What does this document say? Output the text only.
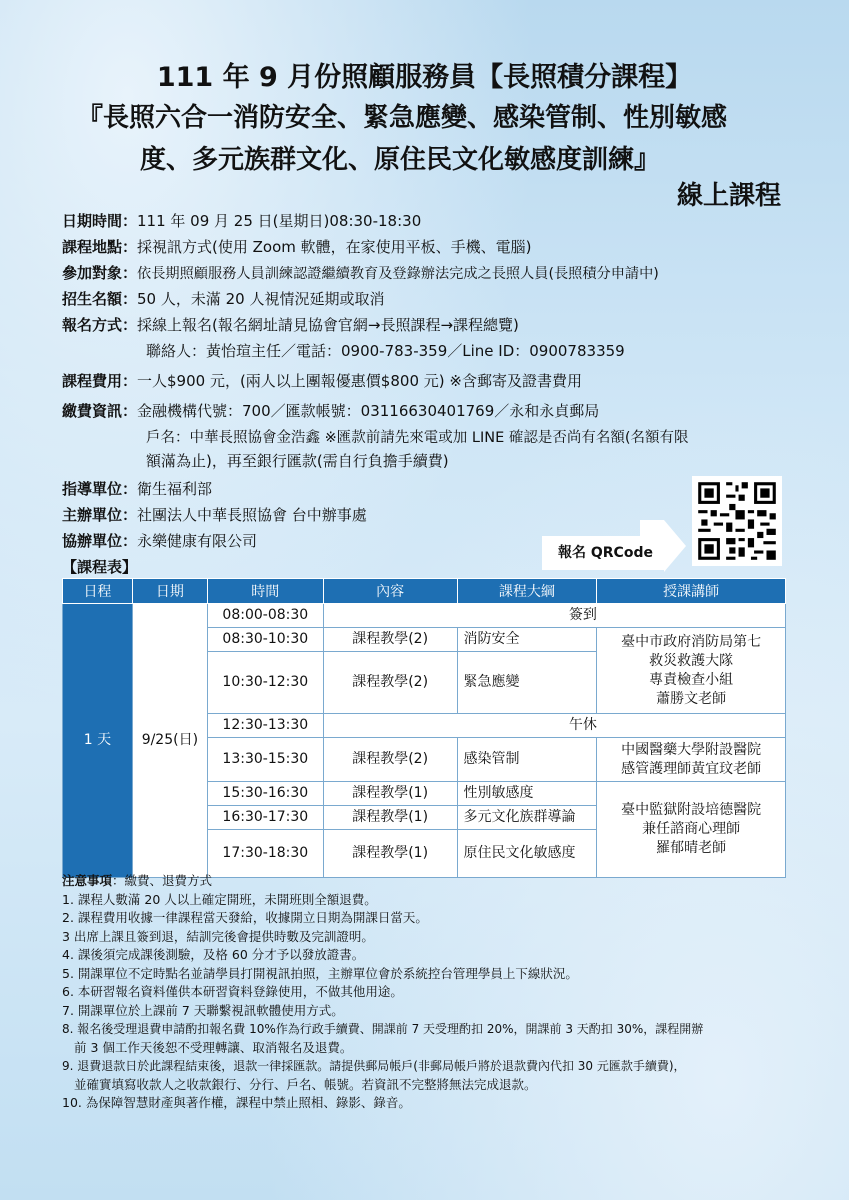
111 年 9 月份照顧服務員【長照積分課程】
『長照六合一消防安全、緊急應變、感染管制、性別敏感
度、多元族群文化、原住民文化敏感度訓練』
線上課程
日期時間：111 年 09 月 25 日(星期日)08:30-18:30
課程地點：採視訊方式(使用 Zoom 軟體，在家使用平板、手機、電腦)
參加對象：依長期照顧服務人員訓練認證繼續教育及登錄辦法完成之長照人員(長照積分申請中)
招生名額：50 人，未滿 20 人視情況延期或取消
報名方式：採線上報名(報名網址請見協會官網→長照課程→課程總覽)
聯絡人：黃怡瑄主任／電話：0900-783-359／Line ID：0900783359
課程費用：一人$900 元，(兩人以上團報優惠價$800 元) ※含郵寄及證書費用
繳費資訊：金融機構代號：700／匯款帳號：03116630401769／永和永貞郵局
戶名：中華長照協會金浩鑫 ※匯款前請先來電或加 LINE 確認是否尚有名額(名額有限
額滿為止)，再至銀行匯款(需自行負擔手續費)
指導單位：衛生福利部
主辦單位：社團法人中華長照協會 台中辦事處
協辦單位：永樂健康有限公司
報名 QRCode
【課程表】
日程	日期	時間	內容	課程大綱	授課講師
1 天	9/25(日)	08:00-08:30	簽到		
		08:30-10:30	課程教學(2)	消防安全	臺中市政府消防局第七
救災救護大隊
專責檢查小組
蕭勝文老師

		10:30-12:30	課程教學(2)	緊急應變	
		12:30-13:30	午休		
		13:30-15:30	課程教學(2)	感染管制	中國醫藥大學附設醫院
感管護理師黃宜玟老師

		15:30-16:30	課程教學(1)	性別敏感度	臺中監獄附設培德醫院
兼任諮商心理師
羅郁晴老師

		16:30-17:30	課程教學(1)	多元文化族群導論	
		17:30-18:30	課程教學(1)	原住民文化敏感度	
注意事項：繳費、退費方式
1. 課程人數滿 20 人以上確定開班，未開班則全額退費。
2. 課程費用收據一律課程當天發給，收據開立日期為開課日當天。
3 出席上課且簽到退，結訓完後會提供時數及完訓證明。
4. 課後須完成課後測驗，及格 60 分才予以發放證書。
5. 開課單位不定時點名並請學員打開視訊拍照，主辦單位會於系統控台管理學員上下線狀況。
6. 本研習報名資料僅供本研習資料登錄使用，不做其他用途。
7. 開課單位於上課前 7 天聯繫視訊軟體使用方式。
8. 報名後受理退費申請酌扣報名費 10%作為行政手續費、開課前 7 天受理酌扣 20%，開課前 3 天酌扣 30%，課程開辦
前 3 個工作天後恕不受理轉讓、取消報名及退費。
9. 退費退款日於此課程結束後，退款一律採匯款。請提供郵局帳戶(非郵局帳戶將於退款費內代扣 30 元匯款手續費)，
並確實填寫收款人之收款銀行、分行、戶名、帳號。若資訊不完整將無法完成退款。
10. 為保障智慧財產與著作權，課程中禁止照相、錄影、錄音。
